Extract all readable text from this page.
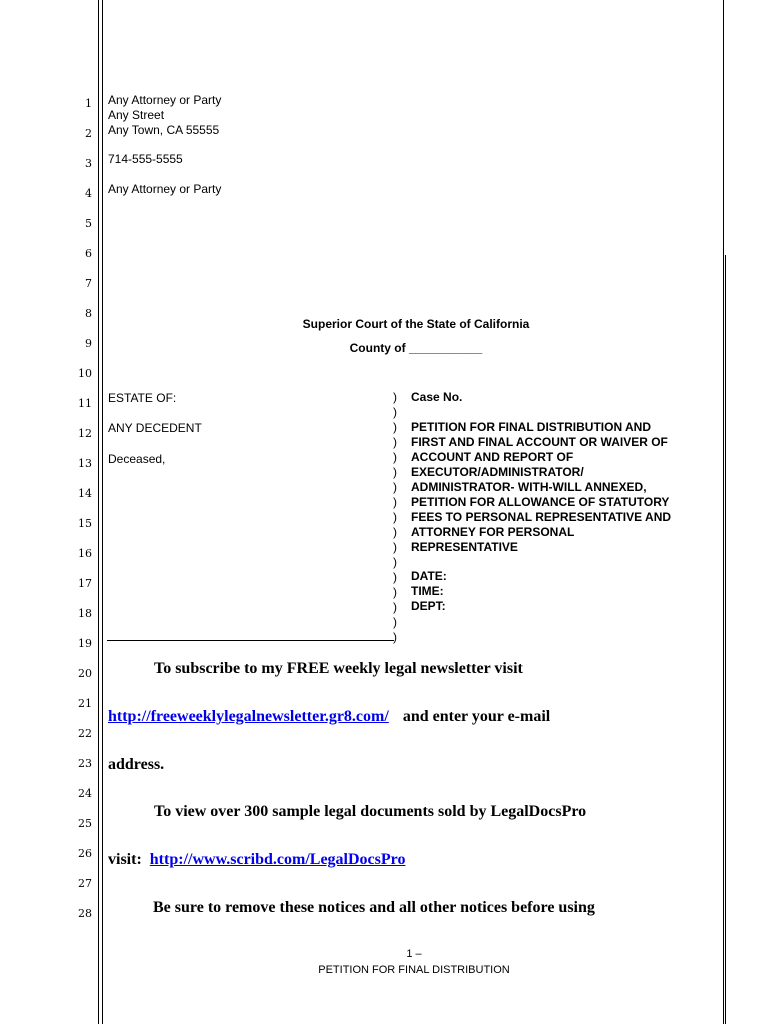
1
2
3
4
5
6
7
8
9
10
11
12
13
14
15
16
17
18
19
20
21
22
23
24
25
26
27
28
Any Attorney or Party
Any Street
Any Town, CA 55555
714-555-5555
Any Attorney or Party
Superior Court of the State of California
County of ___________
ESTATE OF:
ANY DECEDENT
Deceased,
)
)
)
)
)
)
)
)
)
)
)
)
)
)
)
)
)
Case No.
PETITION FOR FINAL DISTRIBUTION AND
FIRST AND FINAL ACCOUNT OR WAIVER OF
ACCOUNT AND REPORT OF
EXECUTOR/ADMINISTRATOR/
ADMINISTRATOR- WITH-WILL ANNEXED,
PETITION FOR ALLOWANCE OF STATUTORY
FEES TO PERSONAL REPRESENTATIVE AND
ATTORNEY FOR PERSONAL
REPRESENTATIVE
DATE:
TIME:
DEPT:
To subscribe to my FREE weekly legal newsletter visit
http://freeweeklylegalnewsletter.gr8.com/ and enter your e-mail
address.
To view over 300 sample legal documents sold by LegalDocsPro
visit: http://www.scribd.com/LegalDocsPro
Be sure to remove these notices and all other notices before using
1 –
PETITION FOR FINAL DISTRIBUTION
